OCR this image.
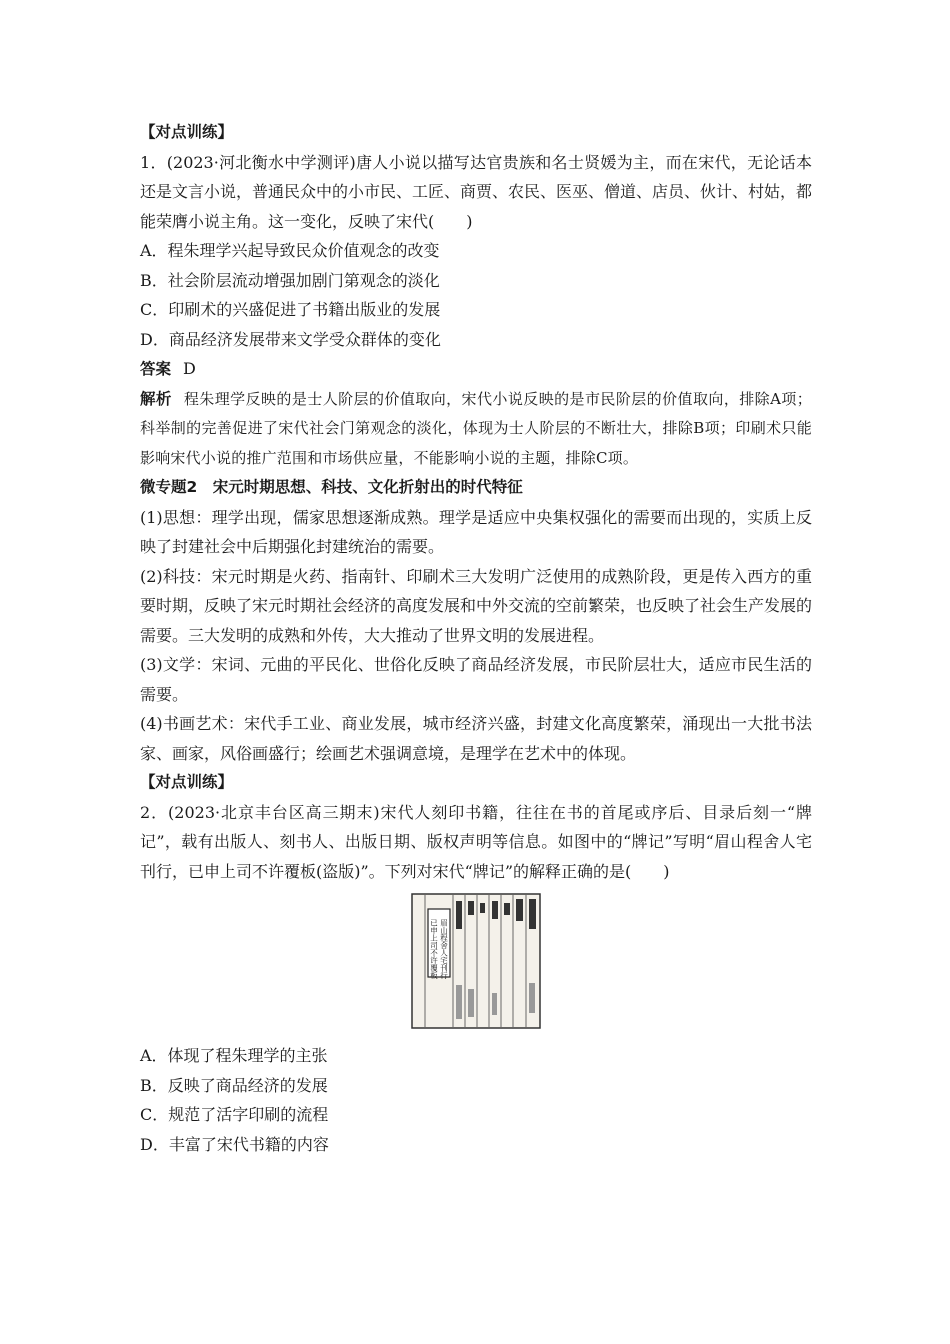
【对点训练】

1．(2023·河北衡水中学测评)唐人小说以描写达官贵族和名士贤媛为主，而在宋代，无论话本还是文言小说，普通民众中的小市民、工匠、商贾、农民、医巫、僧道、店员、伙计、村姑，都能荣膺小说主角。这一变化，反映了宋代(　　)

A．程朱理学兴起导致民众价值观念的改变

B．社会阶层流动增强加剧门第观念的淡化

C．印刷术的兴盛促进了书籍出版业的发展

D．商品经济发展带来文学受众群体的变化

答案 D

解析 程朱理学反映的是士人阶层的价值取向，宋代小说反映的是市民阶层的价值取向，排除A项；科举制的完善促进了宋代社会门第观念的淡化，体现为士人阶层的不断壮大，排除B项；印刷术只能影响宋代小说的推广范围和市场供应量，不能影响小说的主题，排除C项。

微专题2　宋元时期思想、科技、文化折射出的时代特征

(1)思想：理学出现，儒家思想逐渐成熟。理学是适应中央集权强化的需要而出现的，实质上反映了封建社会中后期强化封建统治的需要。

(2)科技：宋元时期是火药、指南针、印刷术三大发明广泛使用的成熟阶段，更是传入西方的重要时期，反映了宋元时期社会经济的高度发展和中外交流的空前繁荣，也反映了社会生产发展的需要。三大发明的成熟和外传，大大推动了世界文明的发展进程。

(3)文学：宋词、元曲的平民化、世俗化反映了商品经济发展，市民阶层壮大，适应市民生活的需要。

(4)书画艺术：宋代手工业、商业发展，城市经济兴盛，封建文化高度繁荣，涌现出一大批书法家、画家，风俗画盛行；绘画艺术强调意境，是理学在艺术中的体现。

【对点训练】

2．(2023·北京丰台区高三期末)宋代人刻印书籍，往往在书的首尾或序后、目录后刻一“牌记”，载有出版人、刻书人、出版日期、版权声明等信息。如图中的“牌记”写明“眉山程舍人宅刊行，已申上司不许覆板(盗版)”。下列对宋代“牌记”的解释正确的是(　　)

眉山程舍人宅刊行
已申上司不许覆板

A．体现了程朱理学的主张

B．反映了商品经济的发展

C．规范了活字印刷的流程

D．丰富了宋代书籍的内容
